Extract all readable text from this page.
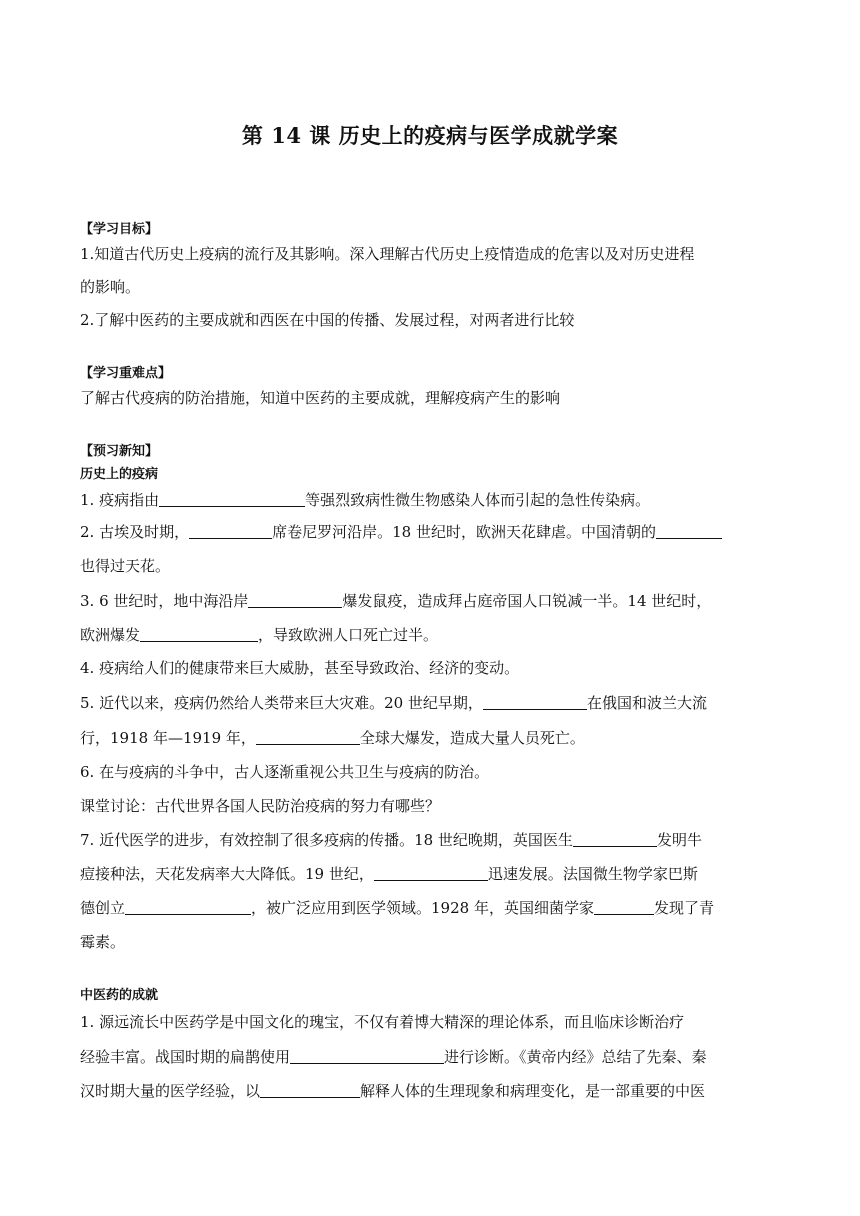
第 14 课 历史上的疫病与医学成就学案
【学习目标】
1.知道古代历史上疫病的流行及其影响。深入理解古代历史上疫情造成的危害以及对历史进程
的影响。
2.了解中医药的主要成就和西医在中国的传播、发展过程，对两者进行比较
【学习重难点】
了解古代疫病的防治措施，知道中医药的主要成就，理解疫病产生的影响
【预习新知】
历史上的疫病
1. 疫病指由	等强烈致病性微生物感染人体而引起的急性传染病。
2. 古埃及时期，	席卷尼罗河沿岸。18 世纪时，欧洲天花肆虐。中国清朝的
也得过天花。
3. 6 世纪时，地中海沿岸	爆发鼠疫，造成拜占庭帝国人口锐减一半。14 世纪时，
欧洲爆发	，导致欧洲人口死亡过半。
4. 疫病给人们的健康带来巨大威胁，甚至导致政治、经济的变动。
5. 近代以来，疫病仍然给人类带来巨大灾难。20 世纪早期，	在俄国和波兰大流
行，1918 年—1919 年，	全球大爆发，造成大量人员死亡。
6. 在与疫病的斗争中，古人逐渐重视公共卫生与疫病的防治。
课堂讨论：古代世界各国人民防治疫病的努力有哪些？
7. 近代医学的进步，有效控制了很多疫病的传播。18 世纪晚期，英国医生	发明牛
痘接种法，天花发病率大大降低。19 世纪，	迅速发展。法国微生物学家巴斯
德创立	，被广泛应用到医学领域。1928 年，英国细菌学家	发现了青
霉素。
中医药的成就
1. 源远流长中医药学是中国文化的瑰宝，不仅有着博大精深的理论体系，而且临床诊断治疗
经验丰富。战国时期的扁鹊使用	进行诊断。《黄帝内经》总结了先秦、秦
汉时期大量的医学经验，以	解释人体的生理现象和病理变化，是一部重要的中医
